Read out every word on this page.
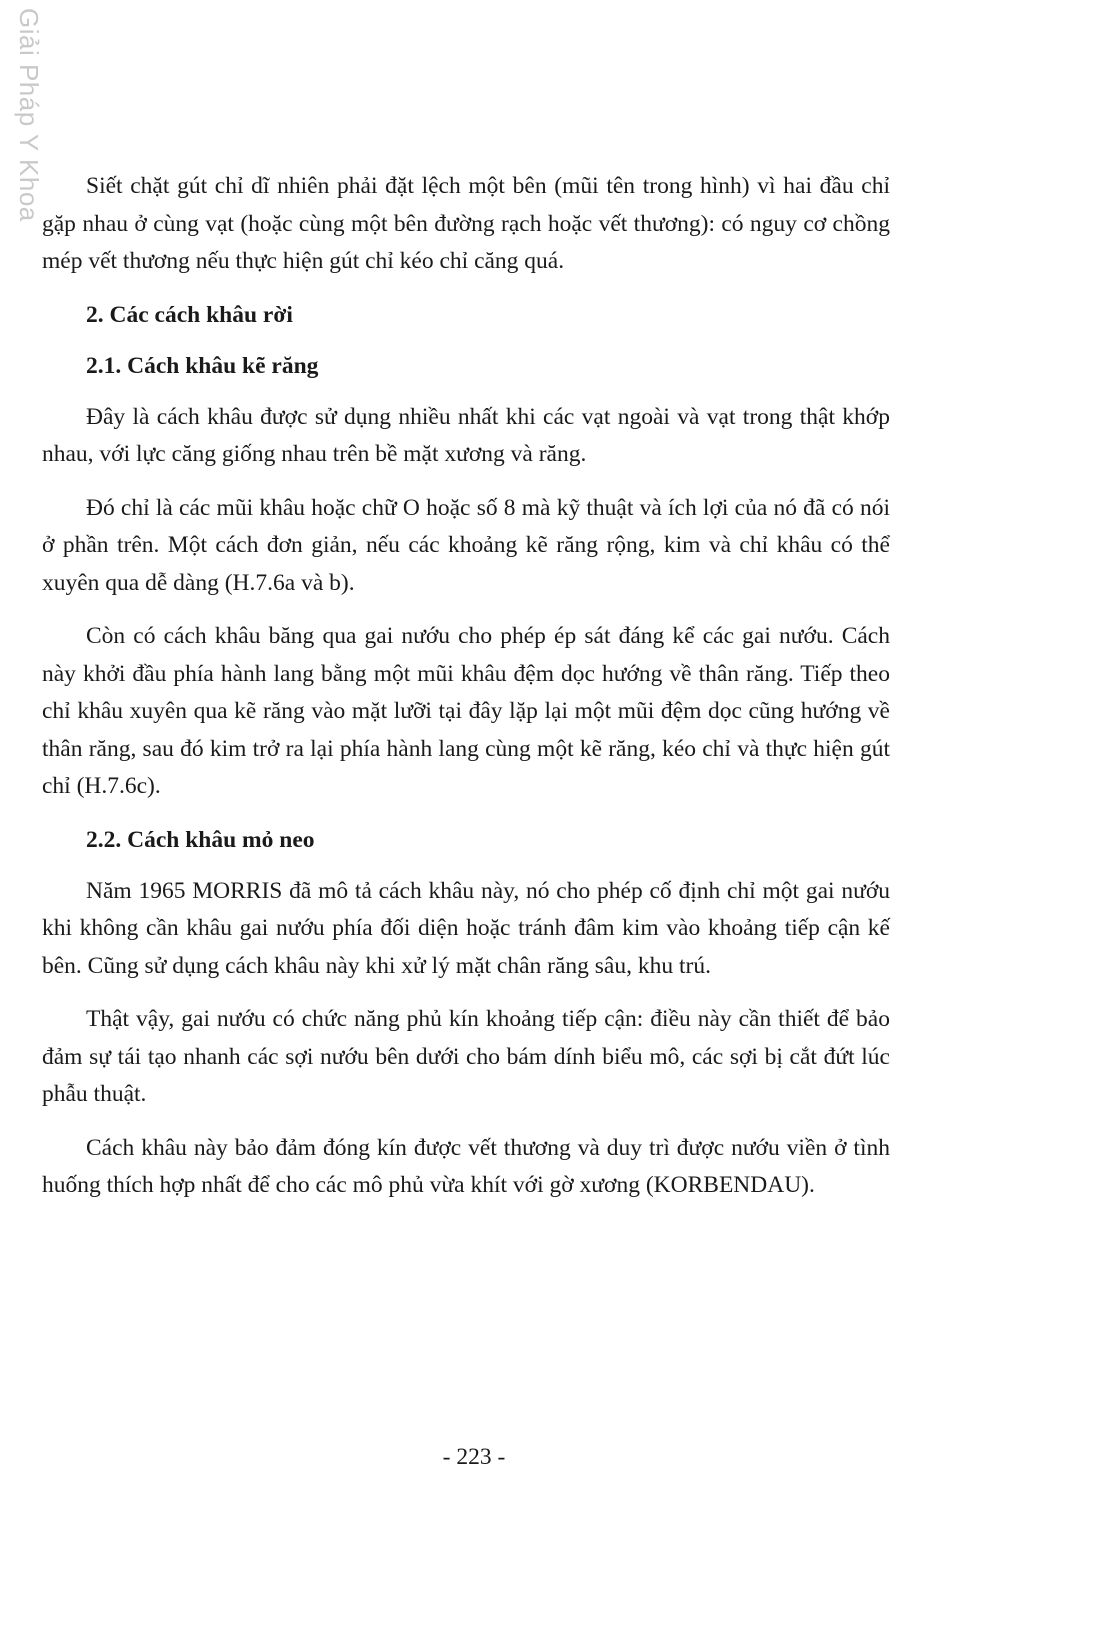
Giải Pháp Y Khoa	Siết chặt gút chỉ dĩ nhiên phải đặt lệch một bên (mũi tên trong hình) vì hai đầu chỉ gặp nhau ở cùng vạt (hoặc cùng một bên đường rạch hoặc vết thương): có nguy cơ chồng mép vết thương nếu thực hiện gút chỉ kéo chỉ căng quá.

2. Các cách khâu rời
2.1. Cách khâu kẽ răng

Đây là cách khâu được sử dụng nhiều nhất khi các vạt ngoài và vạt trong thật khớp nhau, với lực căng giống nhau trên bề mặt xương và răng.

Đó chỉ là các mũi khâu hoặc chữ O hoặc số 8 mà kỹ thuật và ích lợi của nó đã có nói ở phần trên. Một cách đơn giản, nếu các khoảng kẽ răng rộng, kim và chỉ khâu có thể xuyên qua dễ dàng (H.7.6a và b).

Còn có cách khâu băng qua gai nướu cho phép ép sát đáng kể các gai nướu. Cách này khởi đầu phía hành lang bằng một mũi khâu đệm dọc hướng về thân răng. Tiếp theo chỉ khâu xuyên qua kẽ răng vào mặt lưỡi tại đây lặp lại một mũi đệm dọc cũng hướng về thân răng, sau đó kim trở ra lại phía hành lang cùng một kẽ răng, kéo chỉ và thực hiện gút chỉ (H.7.6c).

2.2. Cách khâu mỏ neo

Năm 1965 MORRIS đã mô tả cách khâu này, nó cho phép cố định chỉ một gai nướu khi không cần khâu gai nướu phía đối diện hoặc tránh đâm kim vào khoảng tiếp cận kế bên. Cũng sử dụng cách khâu này khi xử lý mặt chân răng sâu, khu trú.

Thật vậy, gai nướu có chức năng phủ kín khoảng tiếp cận: điều này cần thiết để bảo đảm sự tái tạo nhanh các sợi nướu bên dưới cho bám dính biểu mô, các sợi bị cắt đứt lúc phẫu thuật.

Cách khâu này bảo đảm đóng kín được vết thương và duy trì được nướu viền ở tình huống thích hợp nhất để cho các mô phủ vừa khít với gờ xương (KORBENDAU).

- 223 -
